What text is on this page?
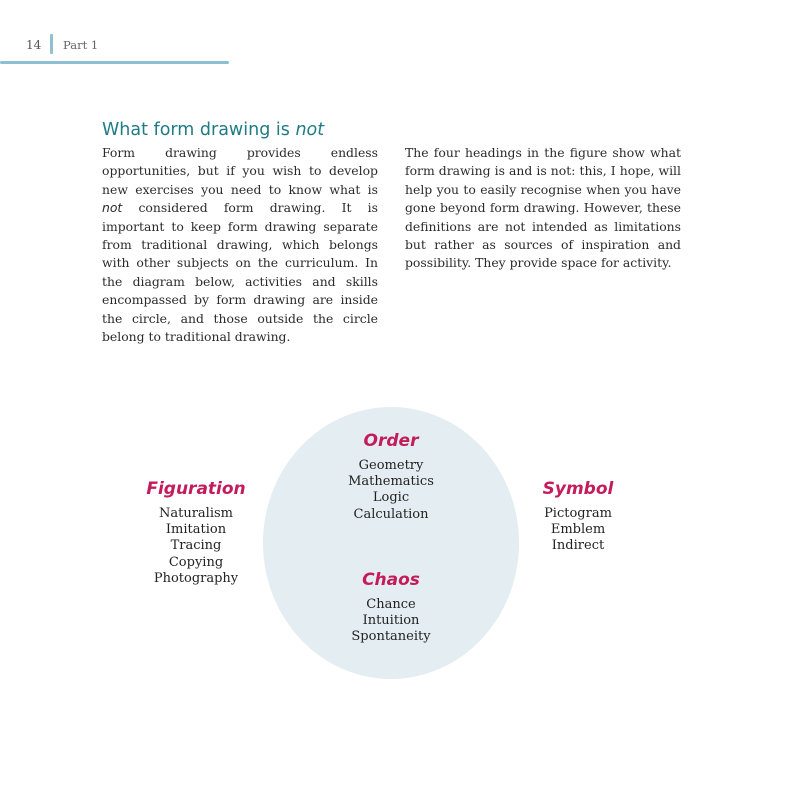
14 Part 1
What form drawing is not
Form drawing provides endless opportunities, but if you wish to develop new exercises you need to know what is not considered form drawing. It is important to keep form drawing separate from traditional drawing, which belongs with other subjects on the curriculum. In the diagram below, activities and skills encompassed by form drawing are inside the circle, and those outside the circle belong to traditional drawing.
The four headings in the figure show what form drawing is and is not: this, I hope, will help you to easily recognise when you have gone beyond form drawing. However, these definitions are not intended as limitations but rather as sources of inspiration and possibility. They provide space for activity.
Order
Geometry
Mathematics
Logic
Calculation
Chaos
Chance
Intuition
Spontaneity
Figuration
Naturalism
Imitation
Tracing
Copying
Photography
Symbol
Pictogram
Emblem
Indirect
